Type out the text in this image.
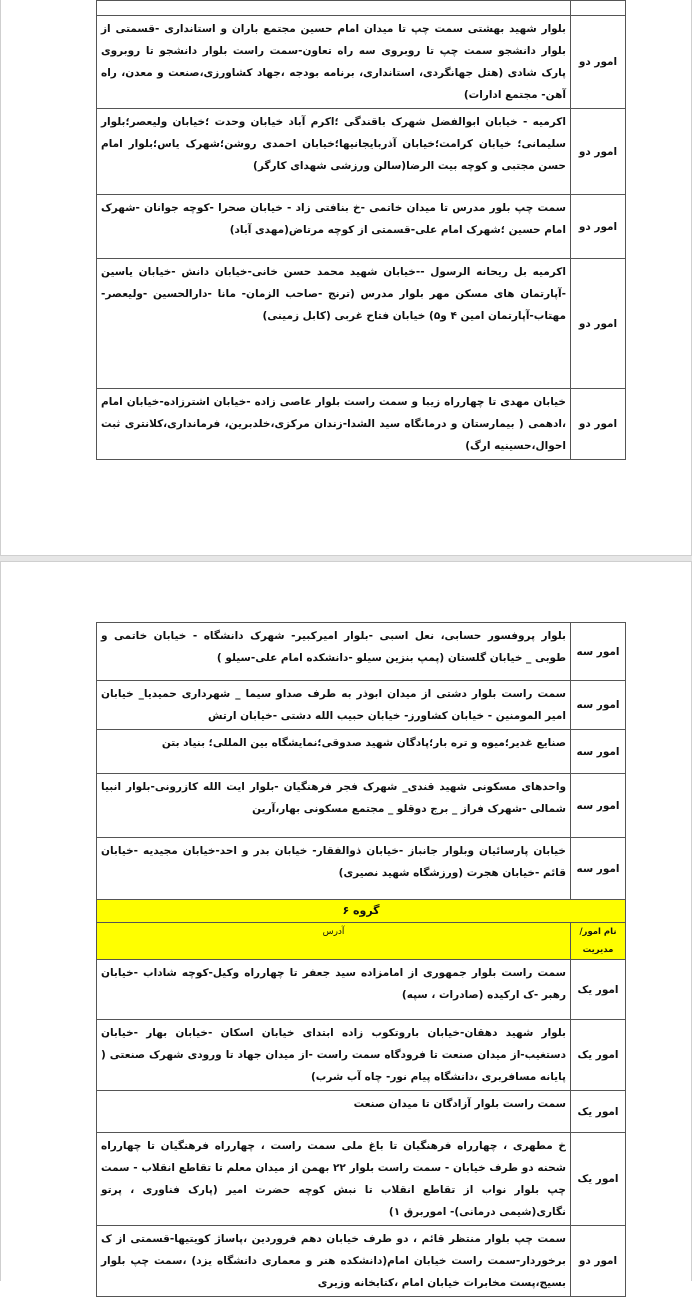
امور دو	بلوار شهید بهشتی سمت چپ تا میدان امام حسین مجتمع باران و استانداری -قسمتی از بلوار دانشجو سمت چپ تا روبروی سه راه تعاون-سمت راست بلوار دانشجو تا روبروی پارک شادی (هتل جهانگردی، استانداری، برنامه بودجه ،جهاد کشاورزی،صنعت و معدن، راه آهن- مجتمع ادارات)
امور دو	اکرمیه - خیابان ابوالفضل شهرک باقندگی ؛اکرم آباد خیابان وحدت ؛خیابان ولیعصر؛بلوار سلیمانی؛ خیابان کرامت؛خیابان آذربایجانیها؛خیابان احمدی روشن؛شهرک یاس؛بلوار امام حسن مجتبی و کوچه بیت الرضا(سالن ورزشی شهدای کارگر)
امور دو	سمت چپ بلور مدرس تا میدان خاتمی -خ بنافتی زاد - خیابان صحرا -کوچه جوانان -شهرک امام حسین ؛شهرک امام علی-قسمتی از کوچه مرتاض(مهدی آباد)
امور دو	اکرمیه بل ریحانه الرسول --خیابان شهید محمد حسن خانی-خیابان دانش -خیابان یاسین -آپارتمان های مسکن مهر بلوار مدرس (ترنج -صاحب الزمان- مانا -دارالحسین -ولیعصر-مهتاب-آپارتمان امین ۴ و۵) خیابان فتاح غربی (کابل زمینی)
امور دو	خیابان مهدی تا چهارراه زیبا و سمت راست بلوار عاصی زاده -خیابان اشترزاده-خیابان امام ،ادهمی ( بیمارستان و درمانگاه سید الشدا-زندان مرکزی،خلدبرین، فرمانداری،کلانتری ثبت احوال،حسینیه ارگ)
امور سه	بلوار پروفسور حسابی، نعل اسبی -بلوار امیرکبیر- شهرک دانشگاه - خیابان خاتمی و طوبی _ خیابان گلستان (پمپ بنزین سیلو -دانشکده امام علی-سیلو )
امور سه	سمت راست بلوار دشتی از میدان ابوذر به طرف صداو سیما _ شهرداری حمیدیا_ خیابان امیر المومنین - خیابان کشاورز- خیابان حبیب الله دشتی -خیابان ارتش
امور سه	صنایع غدیر؛میوه و تره بار؛پادگان شهید صدوقی؛نمایشگاه بین المللی؛ بنیاد بتن
امور سه	واحدهای مسکونی شهید قندی_ شهرک فجر فرهنگیان -بلوار ایت الله کازرونی-بلوار انبیا شمالی -شهرک فراز _ برج دوقلو _ مجتمع مسکونی بهار،آرین
امور سه	خیابان پارسائیان وبلوار جانباز -خیابان ذوالفقار- خیابان بدر و احد-خیابان مجیدیه -خیابان قائم -خیابان هجرت (ورزشگاه شهید نصیری)
گروه ۶	
نام امور/مدیریت	آدرس
امور یک	سمت راست بلوار جمهوری از امامزاده سید جعفر تا چهارراه وکیل-کوچه شاداب -خیابان رهبر -ک ارکیده (صادرات ، سپه)
امور یک	بلوار شهید دهقان-خیابان باروتکوب زاده ابتدای خیابان اسکان -خیابان بهار -خیابان دستغیب-از میدان صنعت تا فرودگاه سمت راست -از میدان جهاد تا ورودی شهرک صنعتی ( پایانه مسافربری ،دانشگاه پیام نور- چاه آب شرب)
امور یک	سمت راست بلوار آزادگان تا میدان صنعت
امور یک	خ مطهری ، چهارراه فرهنگیان تا باغ ملی سمت راست ، چهارراه فرهنگیان تا چهارراه شحنه دو طرف خیابان - سمت راست بلوار ۲۲ بهمن از میدان معلم تا تقاطع انقلاب - سمت چپ بلوار نواب از تقاطع انقلاب تا نبش کوچه حضرت امیر (پارک فناوری ، پرتو نگاری(شیمی درمانی)- اموربرق ۱)
امور دو	سمت چپ بلوار منتظر قائم ، دو طرف خیابان دهم فروردین ،پاساژ کویتیها-قسمتی از ک برخوردار-سمت راست خیابان امام(دانشکده هنر و معماری دانشگاه یزد) ،سمت چپ بلوار بسیج،پست مخابرات خیابان امام ،کتابخانه وزیری
